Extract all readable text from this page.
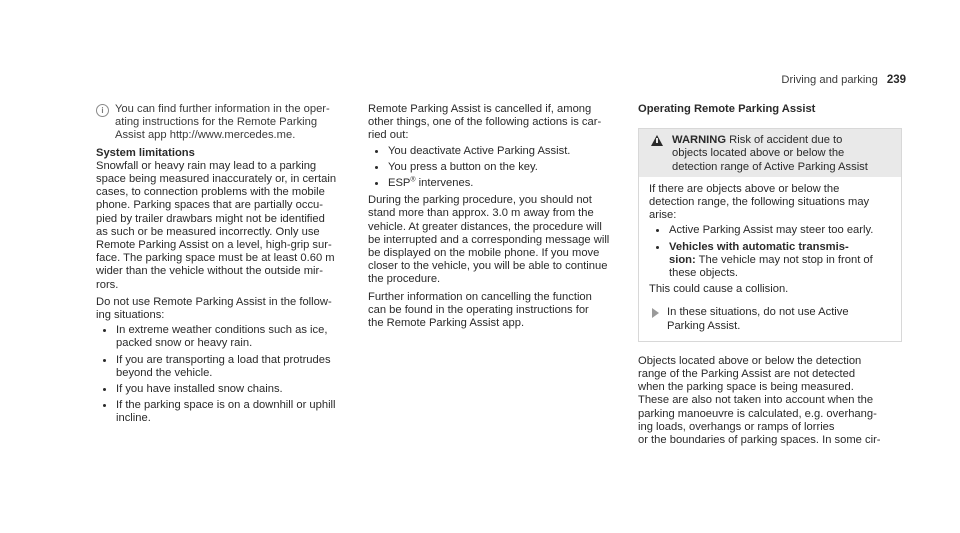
Driving and parking 239
i	You can find further information in the oper-
ating instructions for the Remote Parking
Assist app http://www.mercedes.me.

System limitations

Snowfall or heavy rain may lead to a parking
space being measured inaccurately or, in certain
cases, to connection problems with the mobile
phone. Parking spaces that are partially occu-
pied by trailer drawbars might not be identified
as such or be measured incorrectly. Only use
Remote Parking Assist on a level, high-grip sur-
face. The parking space must be at least 0.60 m
wider than the vehicle without the outside mir-
rors.
Do not use Remote Parking Assist in the follow-
ing situations:
In extreme weather conditions such as ice,
packed snow or heavy rain.
If you are transporting a load that protrudes
beyond the vehicle.
If you have installed snow chains.
If the parking space is on a downhill or uphill
incline.
Remote Parking Assist is cancelled if, among
other things, one of the following actions is car-
ried out:
You deactivate Active Parking Assist.
You press a button on the key.
ESP® intervenes.
During the parking procedure, you should not
stand more than approx. 3.0 m away from the
vehicle. At greater distances, the procedure will
be interrupted and a corresponding message will
be displayed on the mobile phone. If you move
closer to the vehicle, you will be able to continue
the procedure.
Further information on cancelling the function
can be found in the operating instructions for
the Remote Parking Assist app.
Operating Remote Parking Assist
WARNING Risk of accident due to
objects located above or below the
detection range of Active Parking Assist
If there are objects above or below the
detection range, the following situations may
arise:
Active Parking Assist may steer too early.
Vehicles with automatic transmis-
sion: The vehicle may not stop in front of
these objects.
This could cause a collision.
In these situations, do not use Active
Parking Assist.
Objects located above or below the detection
range of the Parking Assist are not detected
when the parking space is being measured.
These are also not taken into account when the
parking manoeuvre is calculated, e.g. overhang-
ing loads, overhangs or ramps of lorries
or the boundaries of parking spaces. In some cir-
